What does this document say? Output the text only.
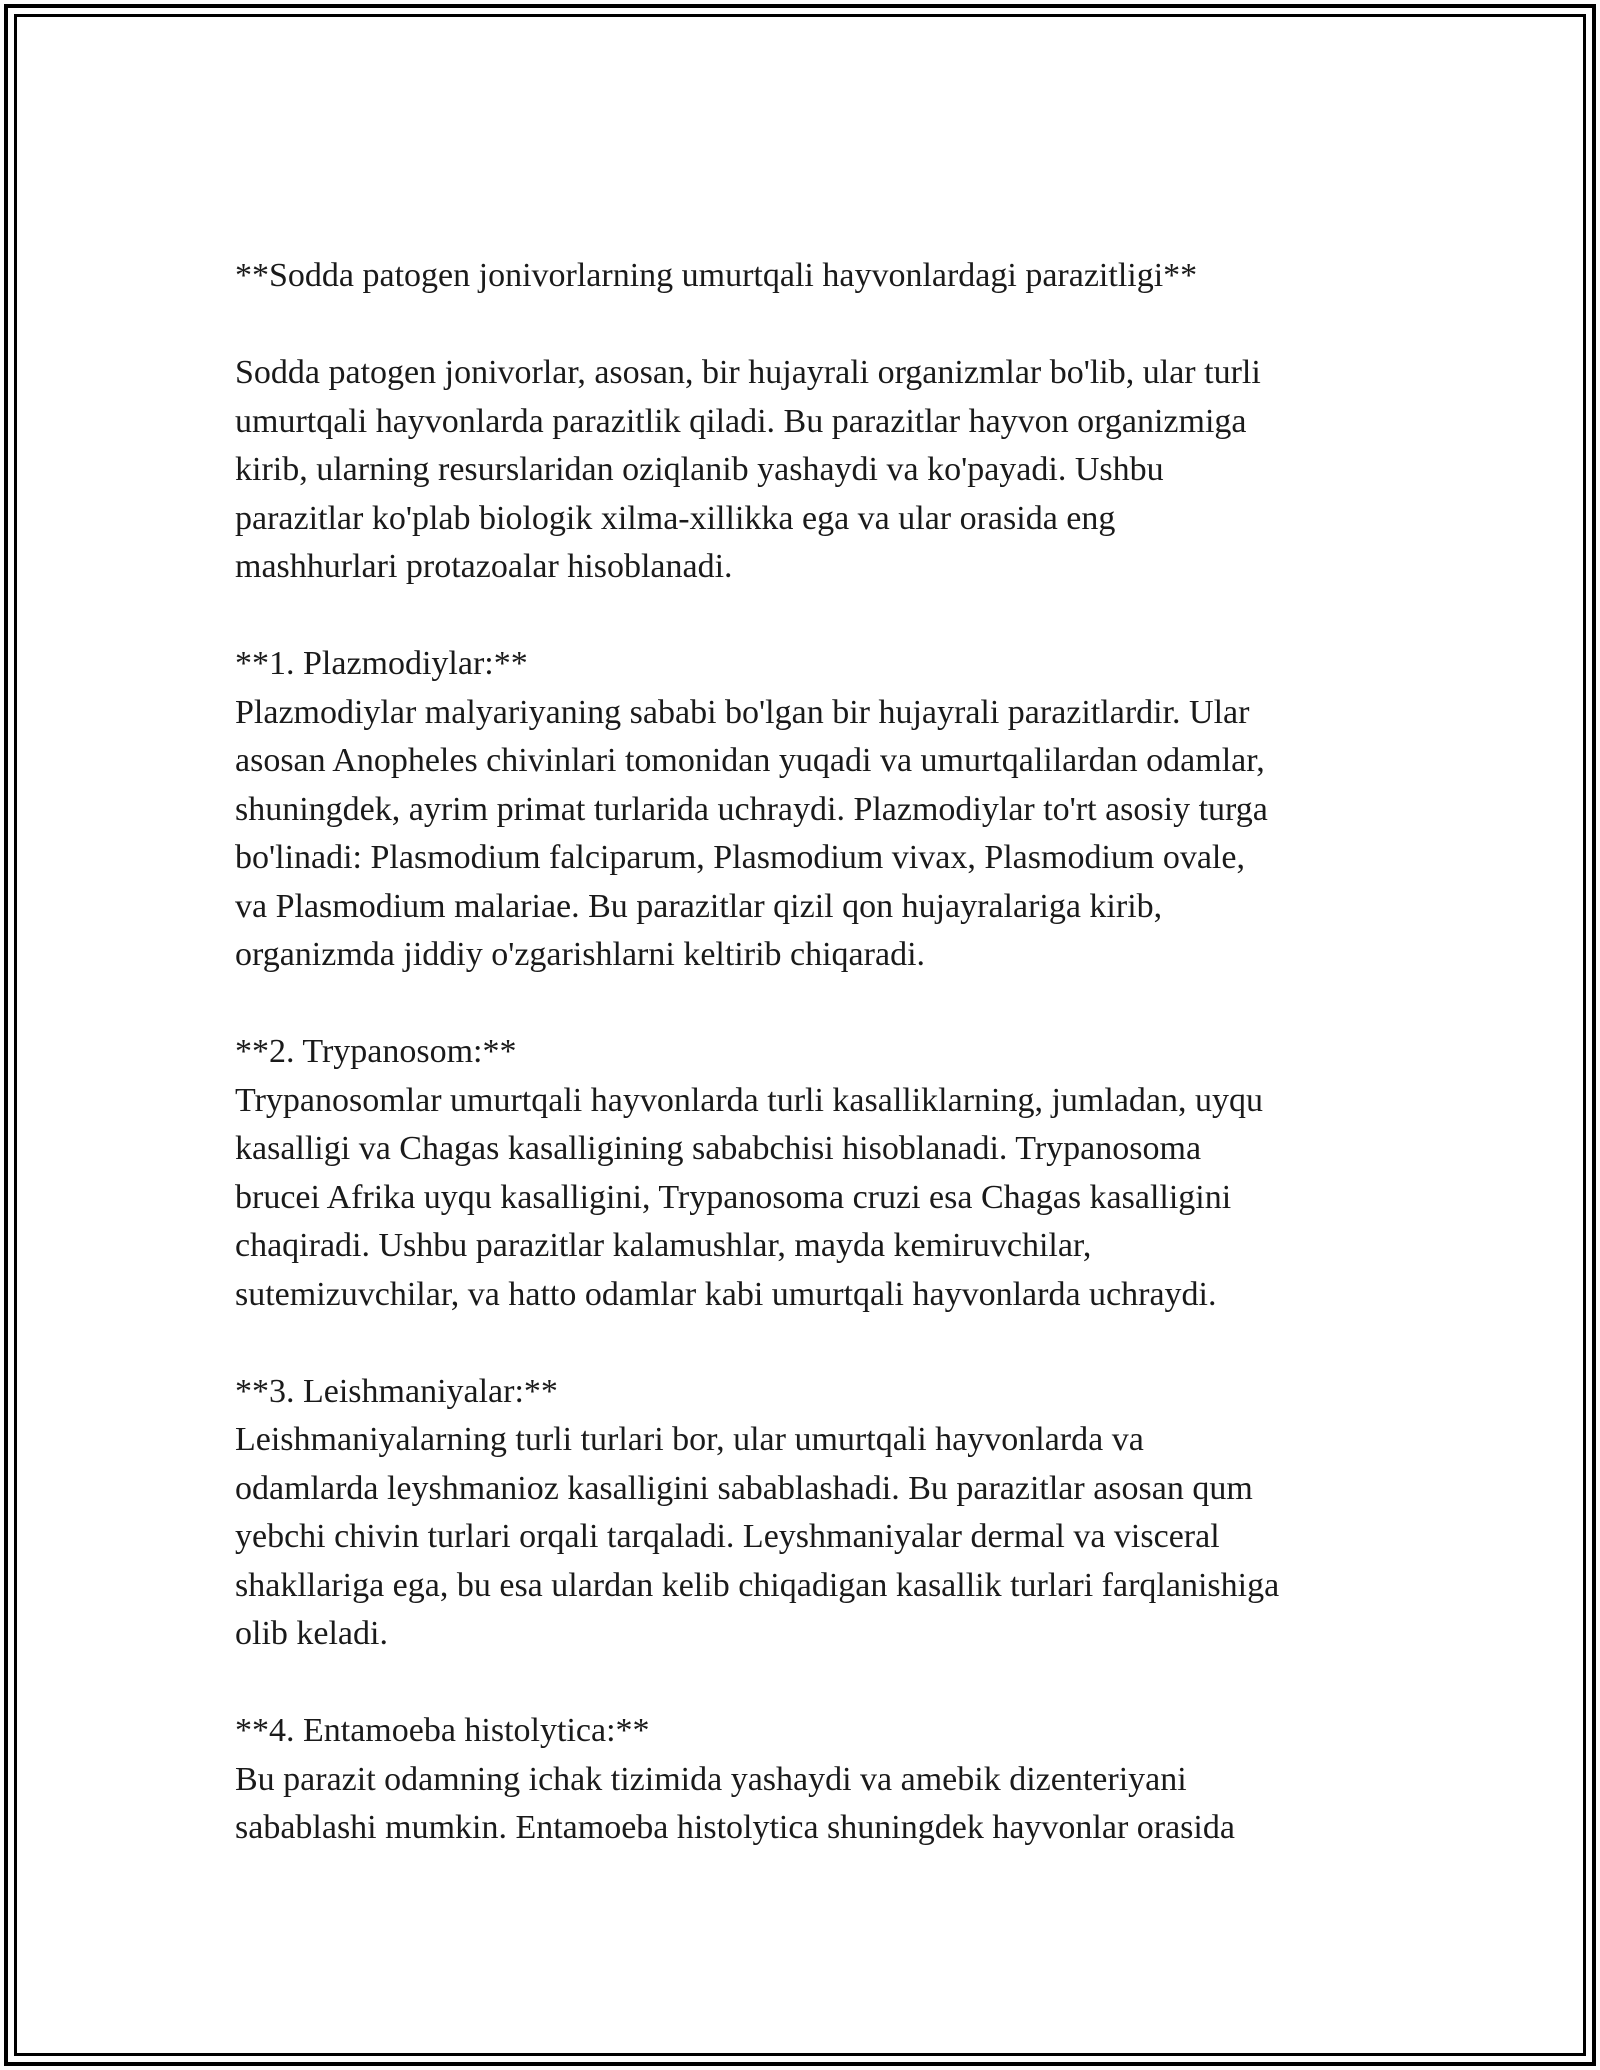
**Sodda patogen jonivorlarning umurtqali hayvonlardagi parazitligi**

Sodda patogen jonivorlar, asosan, bir hujayrali organizmlar bo'lib, ular turli
umurtqali hayvonlarda parazitlik qiladi. Bu parazitlar hayvon organizmiga
kirib, ularning resurslaridan oziqlanib yashaydi va ko'payadi. Ushbu
parazitlar ko'plab biologik xilma-xillikka ega va ular orasida eng
mashhurlari protazoalar hisoblanadi.

**1. Plazmodiylar:**
Plazmodiylar malyariyaning sababi bo'lgan bir hujayrali parazitlardir. Ular
asosan Anopheles chivinlari tomonidan yuqadi va umurtqalilardan odamlar,
shuningdek, ayrim primat turlarida uchraydi. Plazmodiylar to'rt asosiy turga
bo'linadi: Plasmodium falciparum, Plasmodium vivax, Plasmodium ovale,
va Plasmodium malariae. Bu parazitlar qizil qon hujayralariga kirib,
organizmda jiddiy o'zgarishlarni keltirib chiqaradi.

**2. Trypanosom:**
Trypanosomlar umurtqali hayvonlarda turli kasalliklarning, jumladan, uyqu
kasalligi va Chagas kasalligining sababchisi hisoblanadi. Trypanosoma
brucei Afrika uyqu kasalligini, Trypanosoma cruzi esa Chagas kasalligini
chaqiradi. Ushbu parazitlar kalamushlar, mayda kemiruvchilar,
sutemizuvchilar, va hatto odamlar kabi umurtqali hayvonlarda uchraydi.

**3. Leishmaniyalar:**
Leishmaniyalarning turli turlari bor, ular umurtqali hayvonlarda va
odamlarda leyshmanioz kasalligini sabablashadi. Bu parazitlar asosan qum
yebchi chivin turlari orqali tarqaladi. Leyshmaniyalar dermal va visceral
shakllariga ega, bu esa ulardan kelib chiqadigan kasallik turlari farqlanishiga
olib keladi.

**4. Entamoeba histolytica:**
Bu parazit odamning ichak tizimida yashaydi va amebik dizenteriyani
sabablashi mumkin. Entamoeba histolytica shuningdek hayvonlar orasida
